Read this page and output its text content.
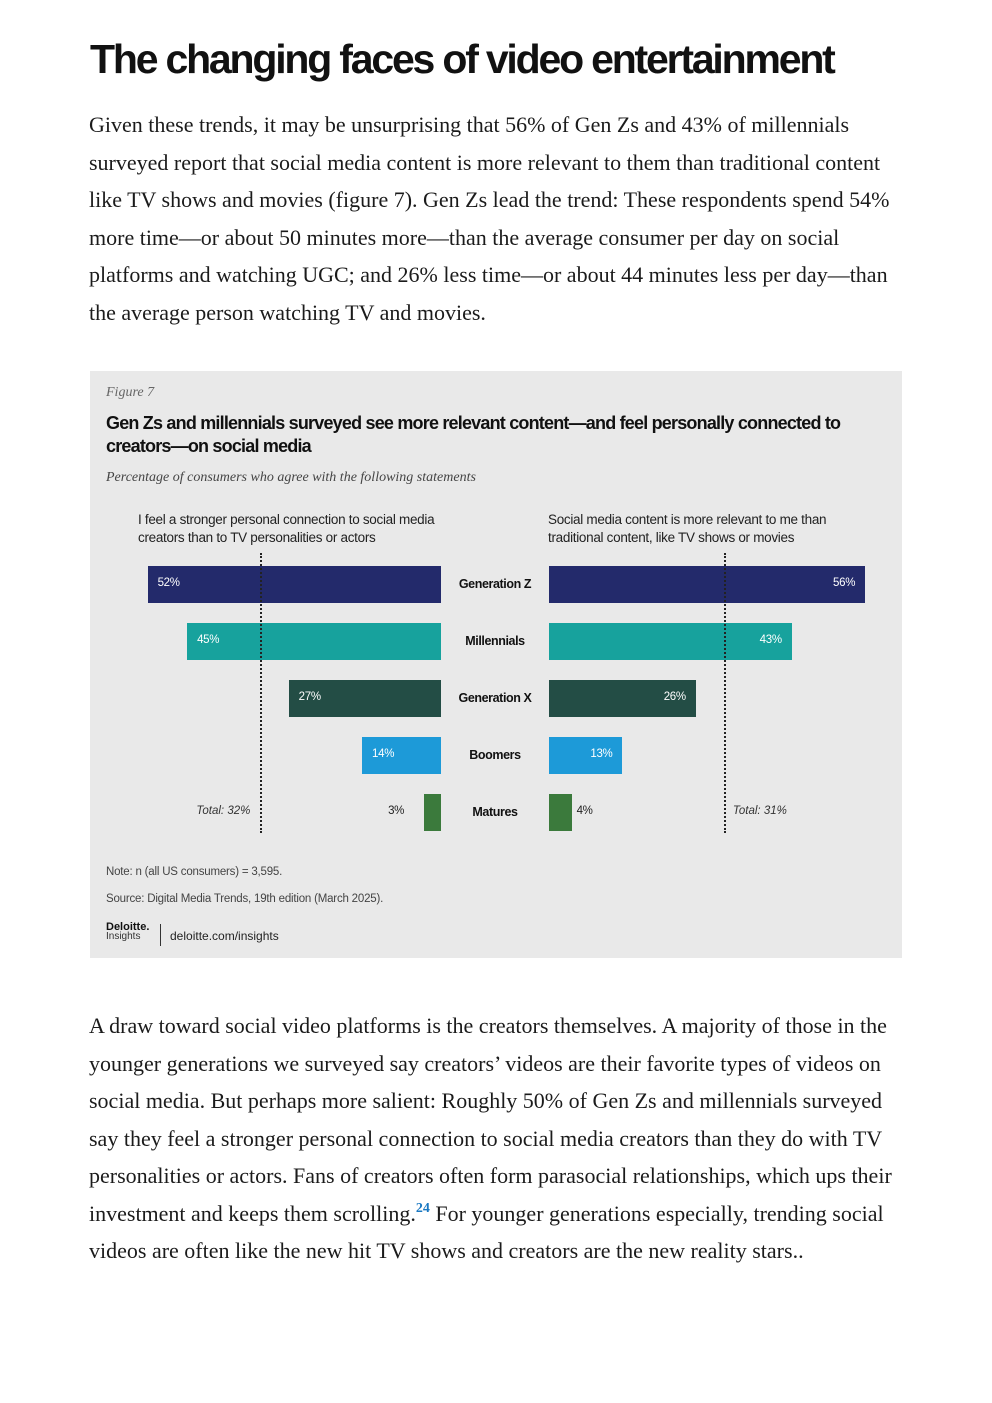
The changing faces of video entertainment

Given these trends, it may be unsurprising that 56% of Gen Zs and 43% of millennials surveyed report that social media content is more relevant to them than traditional content like TV shows and movies (figure 7). Gen Zs lead the trend: These respondents spend 54% more time—or about 50 minutes more—than the average consumer per day on social platforms and watching UGC; and 26% less time—or about 44 minutes less per day—than the average person watching TV and movies.

Figure 7
Gen Zs and millennials surveyed see more relevant content—and feel personally connected to creators—on social media
Percentage of consumers who agree with the following statements
I feel a stronger personal connection to social media creators than to TV personalities or actors
Social media content is more relevant to me than traditional content, like TV shows or movies
52%	Generation Z	56%
45%	Millennials	43%
27%	Generation X	26%
14%	Boomers	13%
3%	Matures	4%
Total: 32%	Total: 31%
Note: n (all US consumers) = 3,595.
Source: Digital Media Trends, 19th edition (March 2025).
Deloitte.
Insights	deloitte.com/insights

A draw toward social video platforms is the creators themselves. A majority of those in the younger generations we surveyed say creators’ videos are their favorite types of videos on social media. But perhaps more salient: Roughly 50% of Gen Zs and millennials surveyed say they feel a stronger personal connection to social media creators than they do with TV personalities or actors. Fans of creators often form parasocial relationships, which ups their investment and keeps them scrolling.$^{24}$ For younger generations especially, trending social videos are often like the new hit TV shows and creators are the new reality stars..
